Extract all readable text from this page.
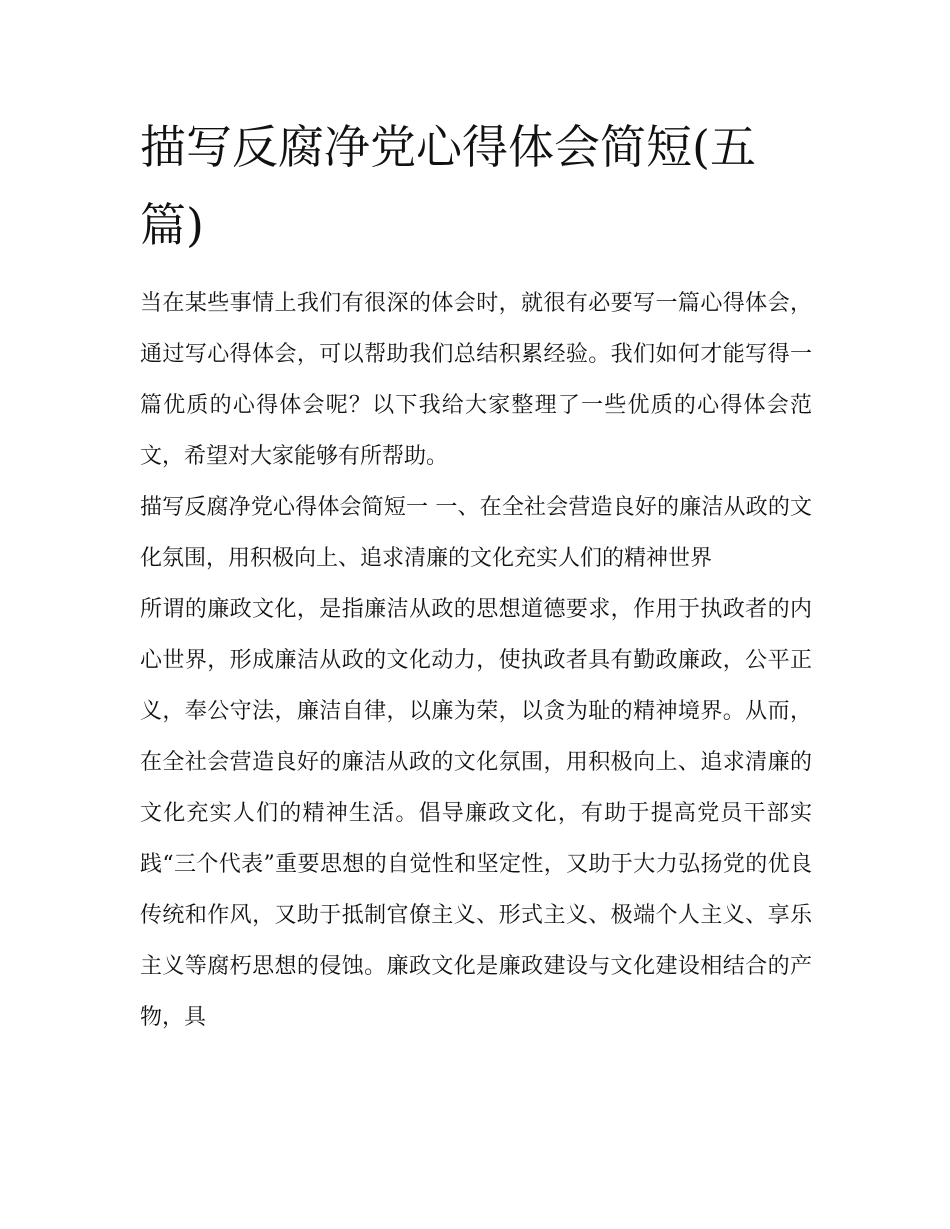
描写反腐净党心得体会简短(五篇)

当在某些事情上我们有很深的体会时，就很有必要写一篇心得体会，通过写心得体会，可以帮助我们总结积累经验。我们如何才能写得一篇优质的心得体会呢？以下我给大家整理了一些优质的心得体会范文，希望对大家能够有所帮助。

描写反腐净党心得体会简短一 一、在全社会营造良好的廉洁从政的文化氛围，用积极向上、追求清廉的文化充实人们的精神世界

所谓的廉政文化，是指廉洁从政的思想道德要求，作用于执政者的内心世界，形成廉洁从政的文化动力，使执政者具有勤政廉政，公平正义，奉公守法，廉洁自律，以廉为荣，以贪为耻的精神境界。从而，在全社会营造良好的廉洁从政的文化氛围，用积极向上、追求清廉的文化充实人们的精神生活。倡导廉政文化，有助于提高党员干部实践“三个代表”重要思想的自觉性和坚定性，又助于大力弘扬党的优良传统和作风，又助于抵制官僚主义、形式主义、极端个人主义、享乐主义等腐朽思想的侵蚀。廉政文化是廉政建设与文化建设相结合的产物，具
